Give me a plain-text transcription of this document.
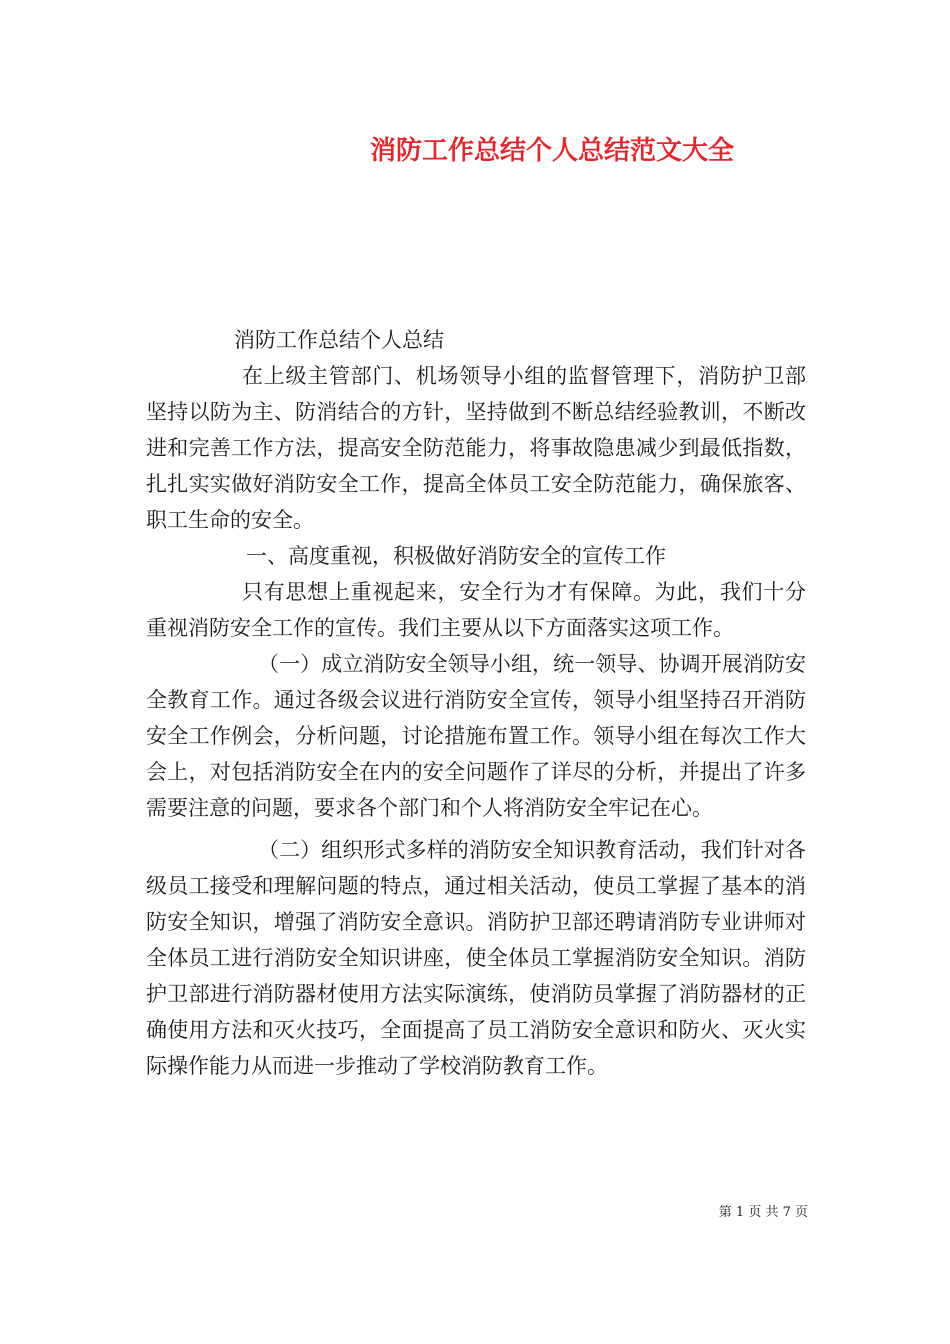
消防工作总结个人总结范文大全

消防工作总结个人总结

在上级主管部门、机场领导小组的监督管理下，消防护卫部坚持以防为主、防消结合的方针，坚持做到不断总结经验教训，不断改进和完善工作方法，提高安全防范能力，将事故隐患减少到最低指数，扎扎实实做好消防安全工作，提高全体员工安全防范能力，确保旅客、职工生命的安全。

一、高度重视，积极做好消防安全的宣传工作

只有思想上重视起来，安全行为才有保障。为此，我们十分重视消防安全工作的宣传。我们主要从以下方面落实这项工作。

（一）成立消防安全领导小组，统一领导、协调开展消防安全教育工作。通过各级会议进行消防安全宣传，领导小组坚持召开消防安全工作例会，分析问题，讨论措施布置工作。领导小组在每次工作大会上，对包括消防安全在内的安全问题作了详尽的分析，并提出了许多需要注意的问题，要求各个部门和个人将消防安全牢记在心。

（二）组织形式多样的消防安全知识教育活动，我们针对各级员工接受和理解问题的特点，通过相关活动，使员工掌握了基本的消防安全知识，增强了消防安全意识。消防护卫部还聘请消防专业讲师对全体员工进行消防安全知识讲座，使全体员工掌握消防安全知识。消防护卫部进行消防器材使用方法实际演练，使消防员掌握了消防器材的正确使用方法和灭火技巧，全面提高了员工消防安全意识和防火、灭火实际操作能力从而进一步推动了学校消防教育工作。

第 1 页 共 7 页
